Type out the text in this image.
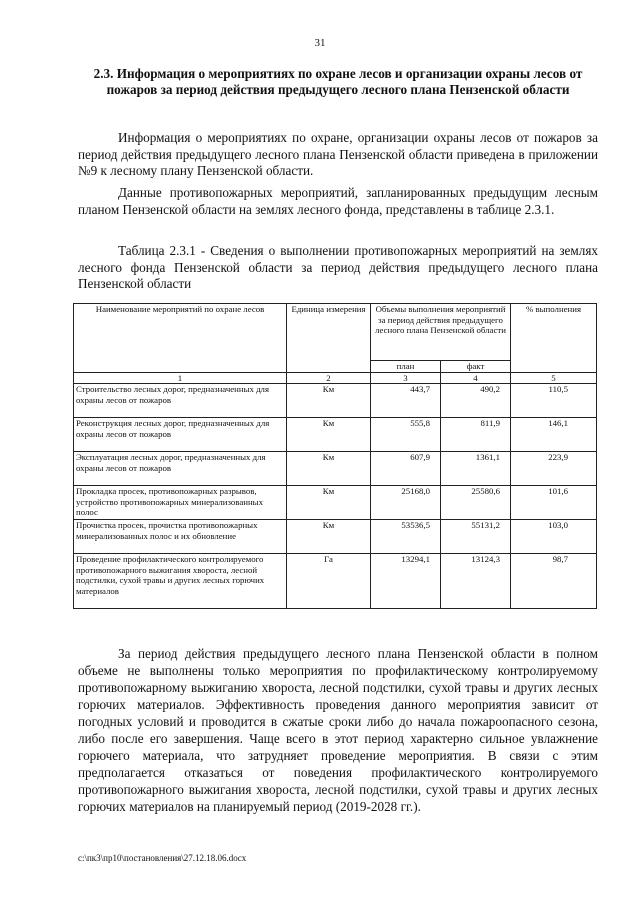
31
2.3. Информация о мероприятиях по охране лесов и организации охраны лесов от пожаров за период действия предыдущего лесного плана Пензенской области

Информация о мероприятиях по охране, организации охраны лесов от пожаров за период действия предыдущего лесного плана Пензенской области приведена в приложении №9 к лесному плану Пензенской области.

Данные противопожарных мероприятий, запланированных предыдущим лесным планом Пензенской области на землях лесного фонда, представлены в таблице 2.3.1.

Таблица 2.3.1 - Сведения о выполнении противопожарных мероприятий на землях лесного фонда Пензенской области за период действия предыдущего лесного плана Пензенской области

Наименование мероприятий по охране лесов	Единица измерения	Объемы выполнения мероприятий за период действия предыдущего лесного плана Пензенской области		% выполнения
		план	факт	
1	2	3	4	5
Строительство лесных дорог, предназначенных для охраны лесов от пожаров	Км	443,7	490,2	110,5
Реконструкция лесных дорог, предназначенных для охраны лесов от пожаров	Км	555,8	811,9	146,1
Эксплуатация лесных дорог, предназначенных для охраны лесов от пожаров	Км	607,9	1361,1	223,9
Прокладка просек, противопожарных разрывов, устройство противопожарных минерализованных полос	Км	25168,0	25580,6	101,6
Прочистка просек, прочистка противопожарных минерализованных полос и их обновление	Км	53536,5	55131,2	103,0
Проведение профилактического контролируемого противопожарного выжигания хвороста, лесной подстилки, сухой травы и других лесных горючих материалов	Га	13294,1	13124,3	98,7

За период действия предыдущего лесного плана Пензенской области в полном объеме не выполнены только мероприятия по профилактическому контролируемому противопожарному выжиганию хвороста, лесной подстилки, сухой травы и других лесных горючих материалов. Эффективность проведения данного мероприятия зависит от погодных условий и проводится в сжатые сроки либо до начала пожароопасного сезона, либо после его завершения. Чаще всего в этот период характерно сильное увлажнение горючего материала, что затрудняет проведение мероприятия. В связи с этим предполагается отказаться от поведения профилактического контролируемого противопожарного выжигания хвороста, лесной подстилки, сухой травы и других лесных горючих материалов на планируемый период (2019-2028 гг.).

c:\пк3\пр10\постановления\27.12.18.06.docx
